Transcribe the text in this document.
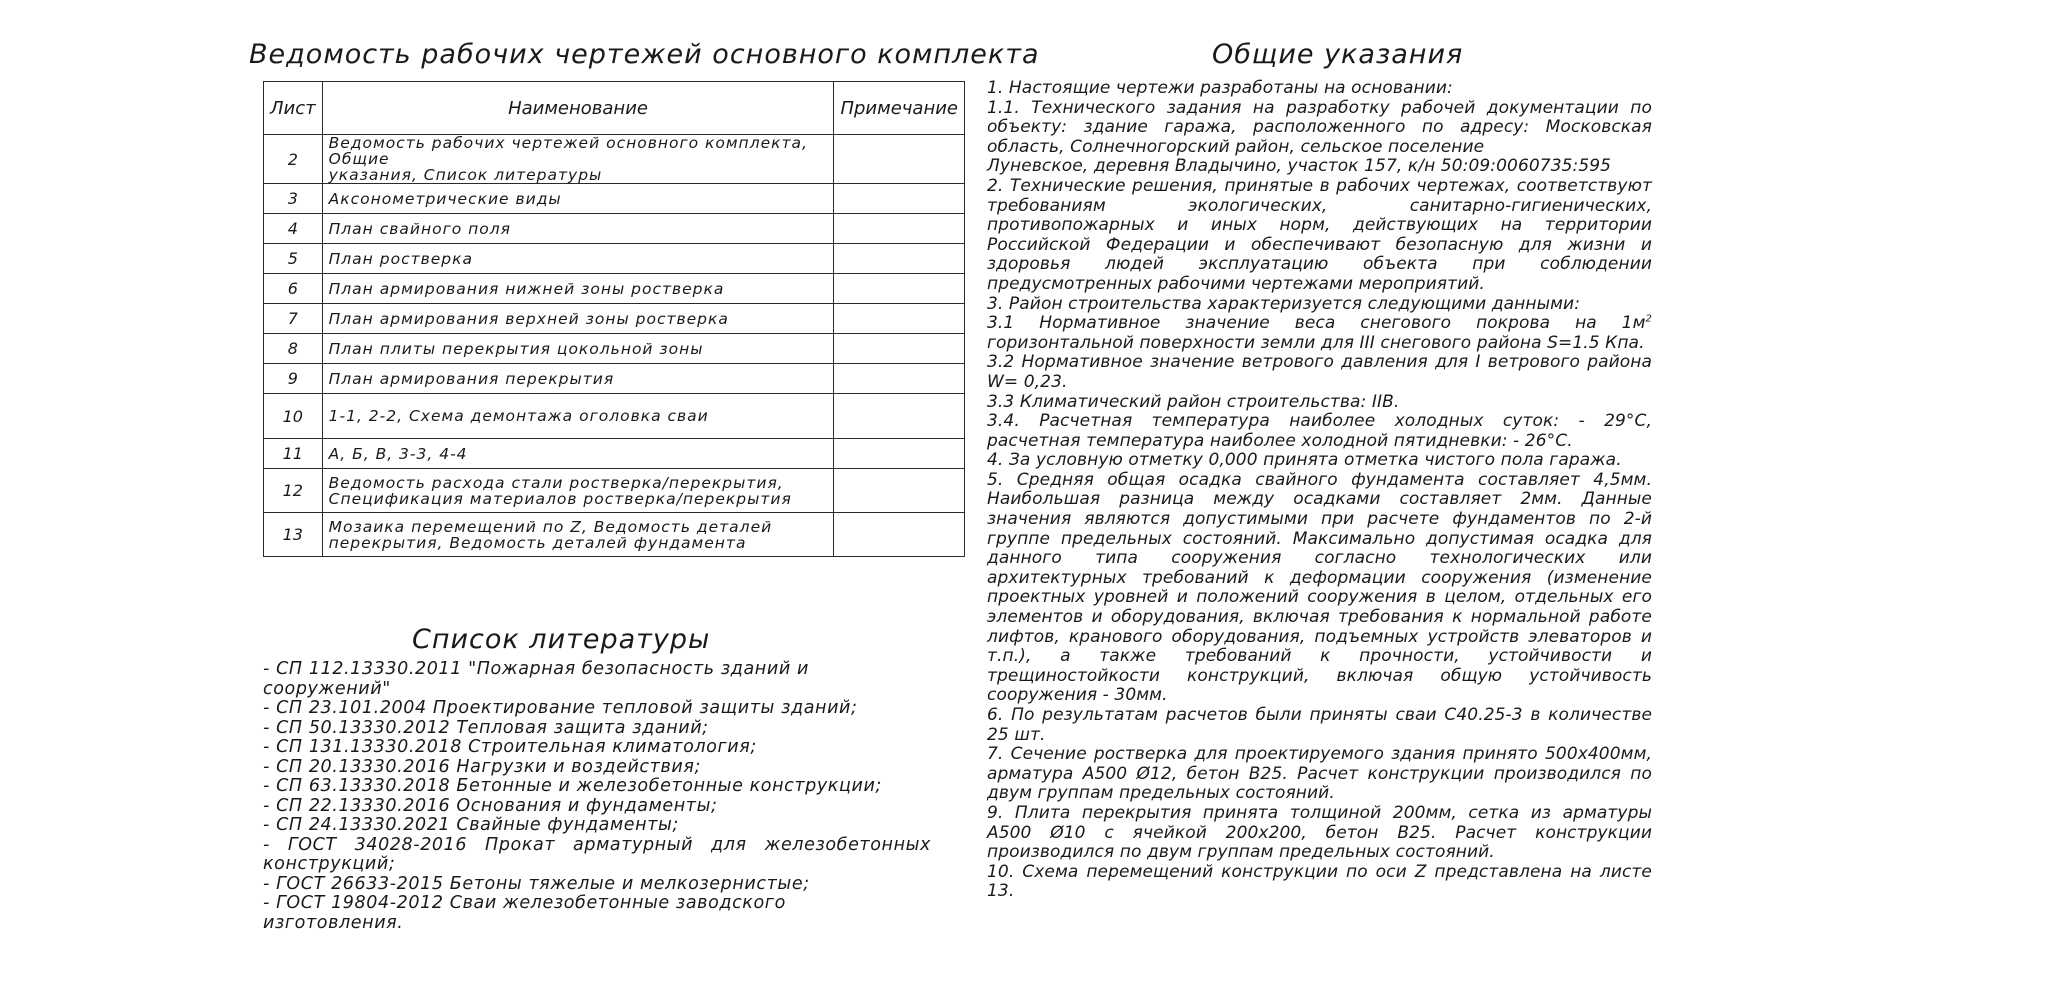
Ведомость рабочих чертежей основного комплекта	Общие указания
Список литературы
Лист	Наименование	Примечание
2	Ведомость рабочих чертежей основного комплекта, Общие
указания, Список литературы	
3	Аксонометрические виды	
4	План свайного поля	
5	План ростверка	
6	План армирования нижней зоны ростверка	
7	План армирования верхней зоны ростверка	
8	План плиты перекрытия цокольной зоны	
9	План армирования перекрытия	
10	1-1, 2-2, Схема демонтажа оголовка сваи	
11	А, Б, В, 3-3, 4-4	
12	Ведомость расхода стали ростверка/перекрытия,
Спецификация материалов ростверка/перекрытия	
13	Мозаика перемещений по Z, Ведомость деталей
перекрытия, Ведомость деталей фундамента	
- СП 112.13330.2011 "Пожарная безопасность зданий и сооружений"
- СП 23.101.2004 Проектирование тепловой защиты зданий;
- СП 50.13330.2012 Тепловая защита зданий;
- СП 131.13330.2018 Строительная климатология;
- СП 20.13330.2016 Нагрузки и воздействия;
- СП 63.13330.2018 Бетонные и железобетонные конструкции;
- СП 22.13330.2016 Основания и фундаменты;
- СП 24.13330.2021 Свайные фундаменты;
- ГОСТ 34028-2016 Прокат арматурный для железобетонных конструкций;
- ГОСТ 26633-2015 Бетоны тяжелые и мелкозернистые;
- ГОСТ 19804-2012 Сваи железобетонные заводского изготовления.

1. Настоящие чертежи разработаны на основании:

1.1. Технического задания на разработку рабочей документации по объекту: здание гаража, расположенного по адресу: Московская область, Солнечногорский район, сельское поселение

Луневское, деревня Владычино, участок 157, к/н 50:09:0060735:595

2. Технические решения, принятые в рабочих чертежах, соответствуют требованиям экологических, санитарно-гигиенических, противопожарных и иных норм, действующих на территории Российской Федерации и обеспечивают безопасную для жизни и здоровья людей эксплуатацию объекта при соблюдении предусмотренных рабочими чертежами мероприятий.

3. Район строительства характеризуется следующими данными:

3.1 Нормативное значение веса снегового покрова на $1м^2$ горизонтальной поверхности земли для III снегового района S=1.5 Кпа.

3.2 Нормативное значение ветрового давления для I ветрового района W= 0,23.

3.3 Климатический район строительства: IIВ.

3.4. Расчетная температура наиболее холодных суток: - 29°С, расчетная температура наиболее холодной пятидневки: - 26°С.

4. За условную отметку 0,000 принята отметка чистого пола гаража.

5. Средняя общая осадка свайного фундамента составляет 4,5мм. Наибольшая разница между осадками составляет 2мм. Данные значения являются допустимыми при расчете фундаментов по 2-й группе предельных состояний. Максимально допустимая осадка для данного типа сооружения согласно технологических или архитектурных требований к деформации сооружения (изменение проектных уровней и положений сооружения в целом, отдельных его элементов и оборудования, включая требования к нормальной работе лифтов, кранового оборудования, подъемных устройств элеваторов и т.п.), а также требований к прочности, устойчивости и трещиностойкости конструкций, включая общую устойчивость сооружения - 30мм.

6. По результатам расчетов были приняты сваи С40.25-3 в количестве 25 шт.

7. Сечение ростверка для проектируемого здания принято 500х400мм, арматура А500 Ø12, бетон В25. Расчет конструкции производился по двум группам предельных состояний.

9. Плита перекрытия принята толщиной 200мм, сетка из арматуры А500 Ø10 с ячейкой 200х200, бетон В25. Расчет конструкции производился по двум группам предельных состояний.

10. Схема перемещений конструкции по оси Z представлена на листе 13.
